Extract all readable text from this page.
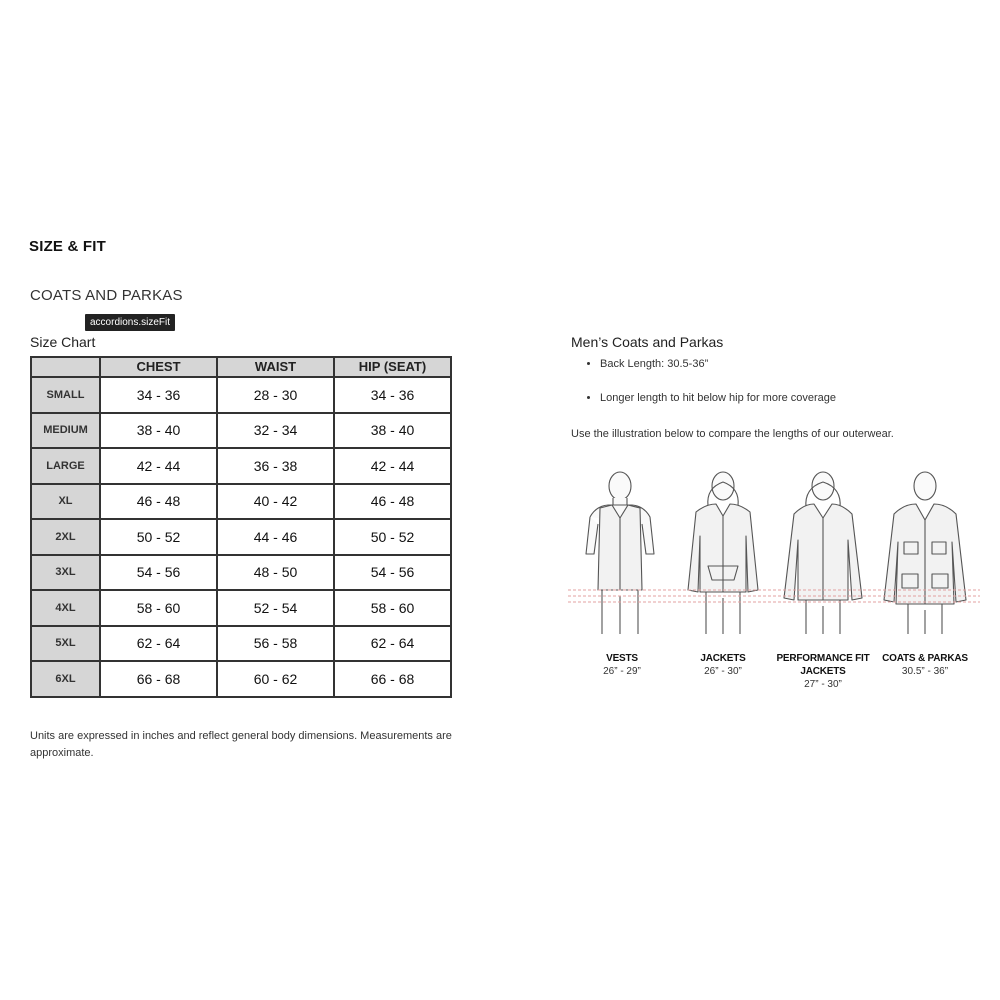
SIZE & FIT
COATS AND PARKAS
accordions.sizeFit
Size Chart
	CHEST	WAIST	HIP (SEAT)
SMALL	34 - 36	28 - 30	34 - 36
MEDIUM	38 - 40	32 - 34	38 - 40
LARGE	42 - 44	36 - 38	42 - 44
XL	46 - 48	40 - 42	46 - 48
2XL	50 - 52	44 - 46	50 - 52
3XL	54 - 56	48 - 50	54 - 56
4XL	58 - 60	52 - 54	58 - 60
5XL	62 - 64	56 - 58	62 - 64
6XL	66 - 68	60 - 62	66 - 68
Units are expressed in inches and reflect general body dimensions. Measurements are approximate.
Men’s Coats and Parkas
• Back Length: 30.5-36”
• Longer length to hit below hip for more coverage
Use the illustration below to compare the lengths of our outerwear.
VESTS
26” - 29”
JACKETS
26” - 30”
PERFORMANCE FIT
JACKETS
27” - 30”
COATS & PARKAS
30.5” - 36”
